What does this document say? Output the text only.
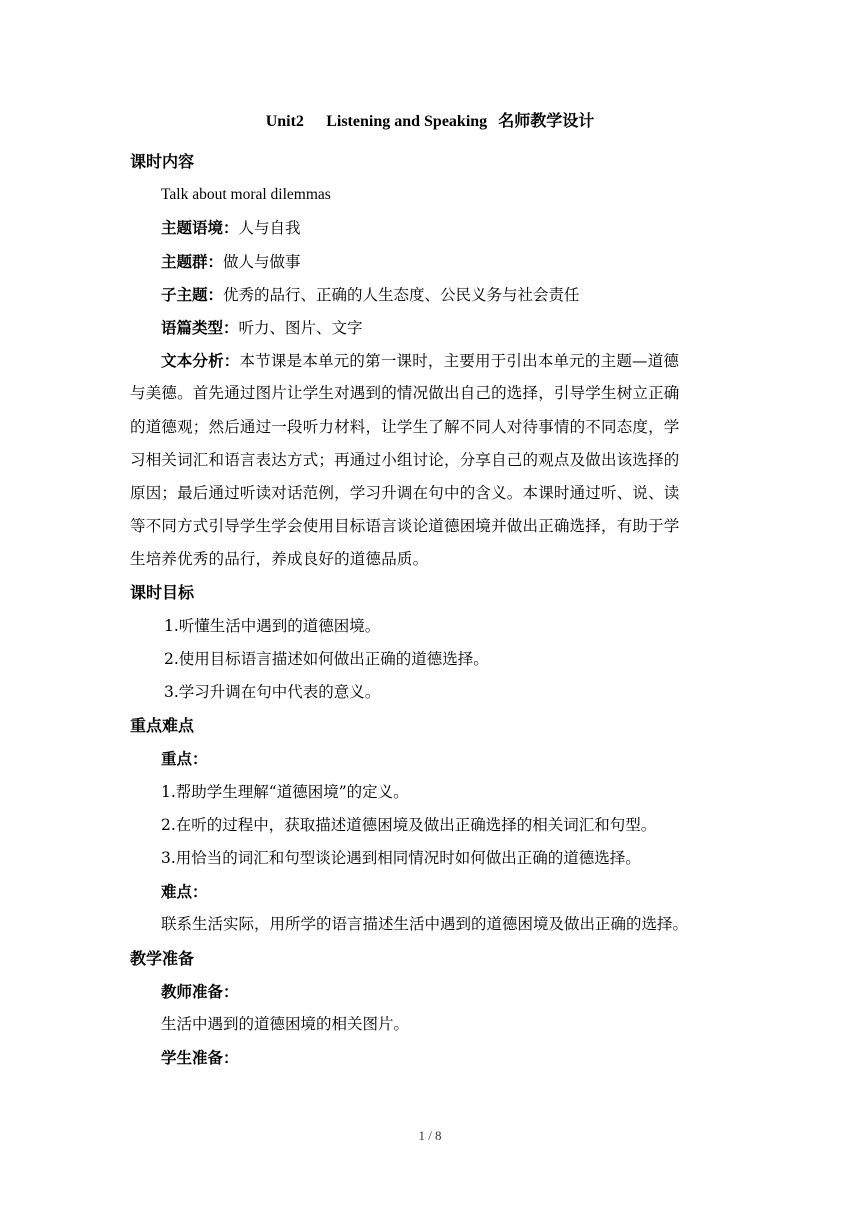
Unit2 Listening and Speaking 名师教学设计
课时内容
Talk about moral dilemmas
主题语境：人与自我
主题群：做人与做事
子主题：优秀的品行、正确的人生态度、公民义务与社会责任
语篇类型：听力、图片、文字
文本分析：本节课是本单元的第一课时，主要用于引出本单元的主题—道德
与美德。首先通过图片让学生对遇到的情况做出自己的选择，引导学生树立正确
的道德观；然后通过一段听力材料，让学生了解不同人对待事情的不同态度，学
习相关词汇和语言表达方式；再通过小组讨论，分享自己的观点及做出该选择的
原因；最后通过听读对话范例，学习升调在句中的含义。本课时通过听、说、读
等不同方式引导学生学会使用目标语言谈论道德困境并做出正确选择，有助于学
生培养优秀的品行，养成良好的道德品质。
课时目标
1.听懂生活中遇到的道德困境。
2.使用目标语言描述如何做出正确的道德选择。
3.学习升调在句中代表的意义。
重点难点
重点：
1.帮助学生理解“道德困境”的定义。
2.在听的过程中，获取描述道德困境及做出正确选择的相关词汇和句型。
3.用恰当的词汇和句型谈论遇到相同情况时如何做出正确的道德选择。
难点：
联系生活实际，用所学的语言描述生活中遇到的道德困境及做出正确的选择。
教学准备
教师准备：
生活中遇到的道德困境的相关图片。
学生准备：
1 / 8
